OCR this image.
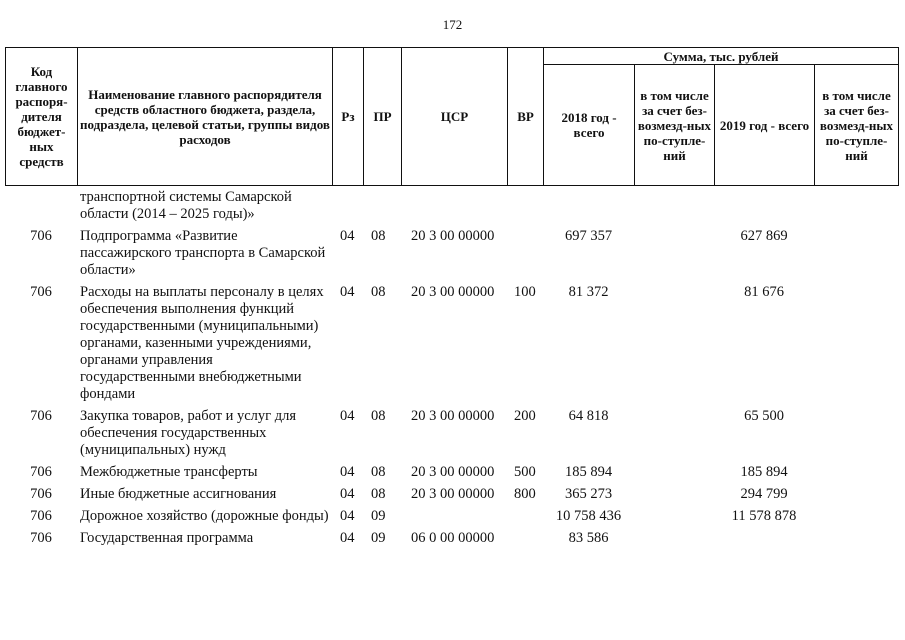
172
Код главного распоря-дителя бюджет-ных средств	Наименование главного распорядителя средств областного бюджета, раздела, подраздела, целевой статьи, группы видов расходов	Рз	ПР	ЦСР	ВР	Сумма, тыс. рублей			
						2018 год - всего	в том числе за счет без-возмезд-ных по-ступле-ний	2019 год - всего	в том числе за счет без-возмезд-ных по-ступле-ний
	транспортной системы Самарской области (2014 – 2025 годы)»								
706	Подпрограмма «Развитие пассажирского транспорта в Самарской области»	04	08	20 3 00 00000		697 357		627 869	
706	Расходы на выплаты персоналу в целях обеспечения выполнения функций государственными (муниципальными) органами, казенными учреждениями, органами управления государственными внебюджетными фондами	04	08	20 3 00 00000	100	81 372		81 676	
706	Закупка товаров, работ и услуг для обеспечения государственных (муниципальных) нужд	04	08	20 3 00 00000	200	64 818		65 500	
706	Межбюджетные трансферты	04	08	20 3 00 00000	500	185 894		185 894	
706	Иные бюджетные ассигнования	04	08	20 3 00 00000	800	365 273		294 799	
706	Дорожное хозяйство (дорожные фонды)	04	09			10 758 436		11 578 878	
706	Государственная программа	04	09	06 0 00 00000		83 586			
